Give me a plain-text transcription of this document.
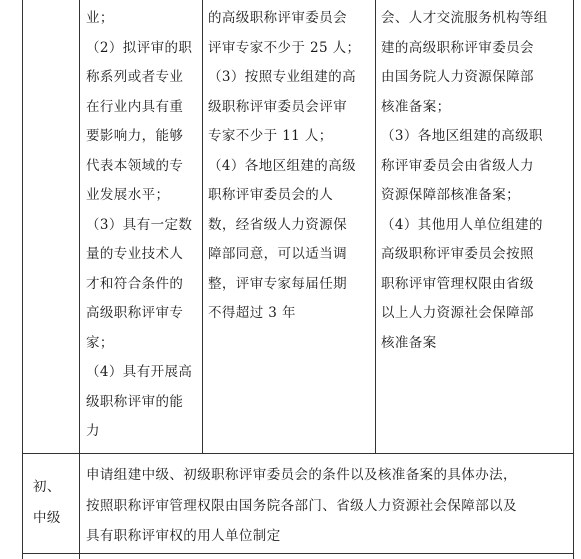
业；

（2）拟评审的职

称系列或者专业

在行业内具有重

要影响力，能够

代表本领域的专

业发展水平；

（3）具有一定数

量的专业技术人

才和符合条件的

高级职称评审专

家；

（4）具有开展高

级职称评审的能

力

的高级职称评审委员会

评审专家不少于 25 人；

（3）按照专业组建的高

级职称评审委员会评审

专家不少于 11 人；

（4）各地区组建的高级

职称评审委员会的人

数，经省级人力资源保

障部同意，可以适当调

整，评审专家每届任期

不得超过 3 年

会、人才交流服务机构等组

建的高级职称评审委员会

由国务院人力资源保障部

核准备案；

（3）各地区组建的高级职

称评审委员会由省级人力

资源保障部核准备案；

（4）其他用人单位组建的

高级职称评审委员会按照

职称评审管理权限由省级

以上人力资源社会保障部

核准备案

初、

中级

申请组建中级、初级职称评审委员会的条件以及核准备案的具体办法，

按照职称评审管理权限由国务院各部门、省级人力资源社会保障部以及

具有职称评审权的用人单位制定
